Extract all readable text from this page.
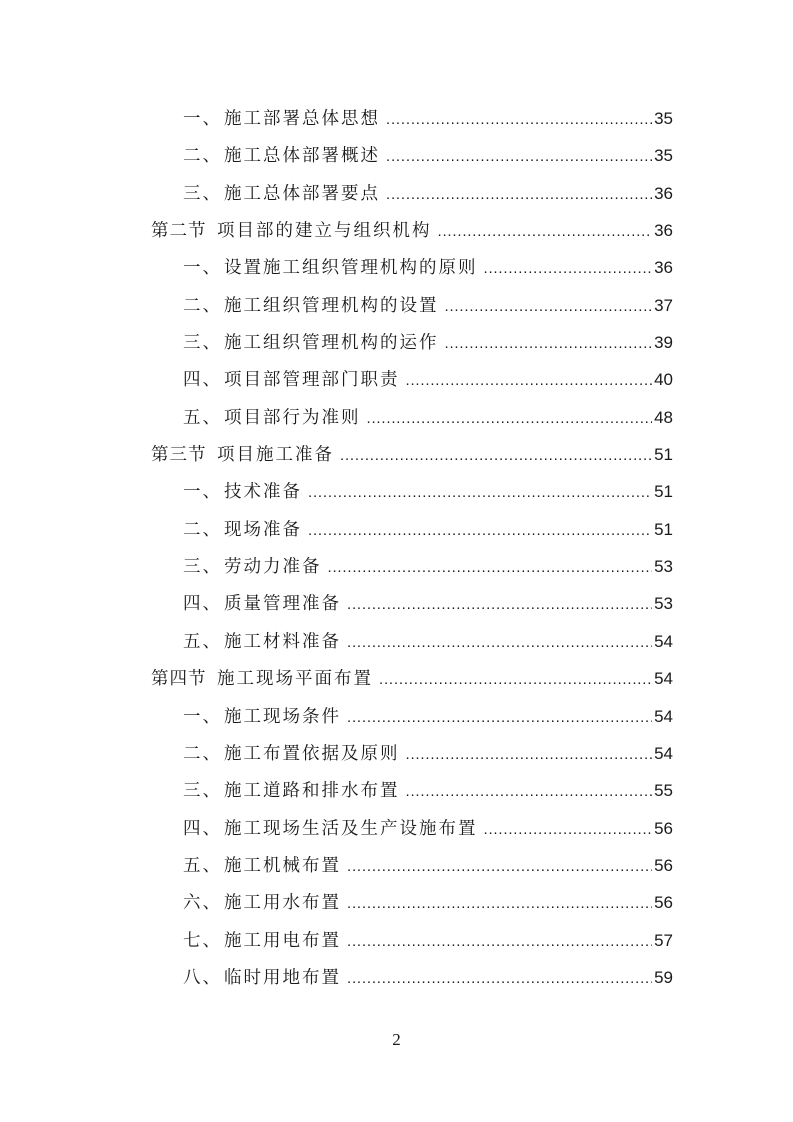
一、 施工部署总体思想 .....	35
二、 施工总体部署概述 .....	35
三、 施工总体部署要点 .....	36
第二节 项目部的建立与组织机构 .....	36
一、 设置施工组织管理机构的原则 .....	36
二、 施工组织管理机构的设置 .....	37
三、 施工组织管理机构的运作 .....	39
四、 项目部管理部门职责 .....	40
五、 项目部行为准则 .....	48
第三节 项目施工准备 .....	51
一、 技术准备 .....	51
二、 现场准备 .....	51
三、 劳动力准备 .....	53
四、 质量管理准备 .....	53
五、 施工材料准备 .....	54
第四节 施工现场平面布置 .....	54
一、 施工现场条件 .....	54
二、 施工布置依据及原则 .....	54
三、 施工道路和排水布置 .....	55
四、 施工现场生活及生产设施布置 .....	56
五、 施工机械布置 .....	56
六、 施工用水布置 .....	56
七、 施工用电布置 .....	57
八、 临时用地布置 .....	59
2
